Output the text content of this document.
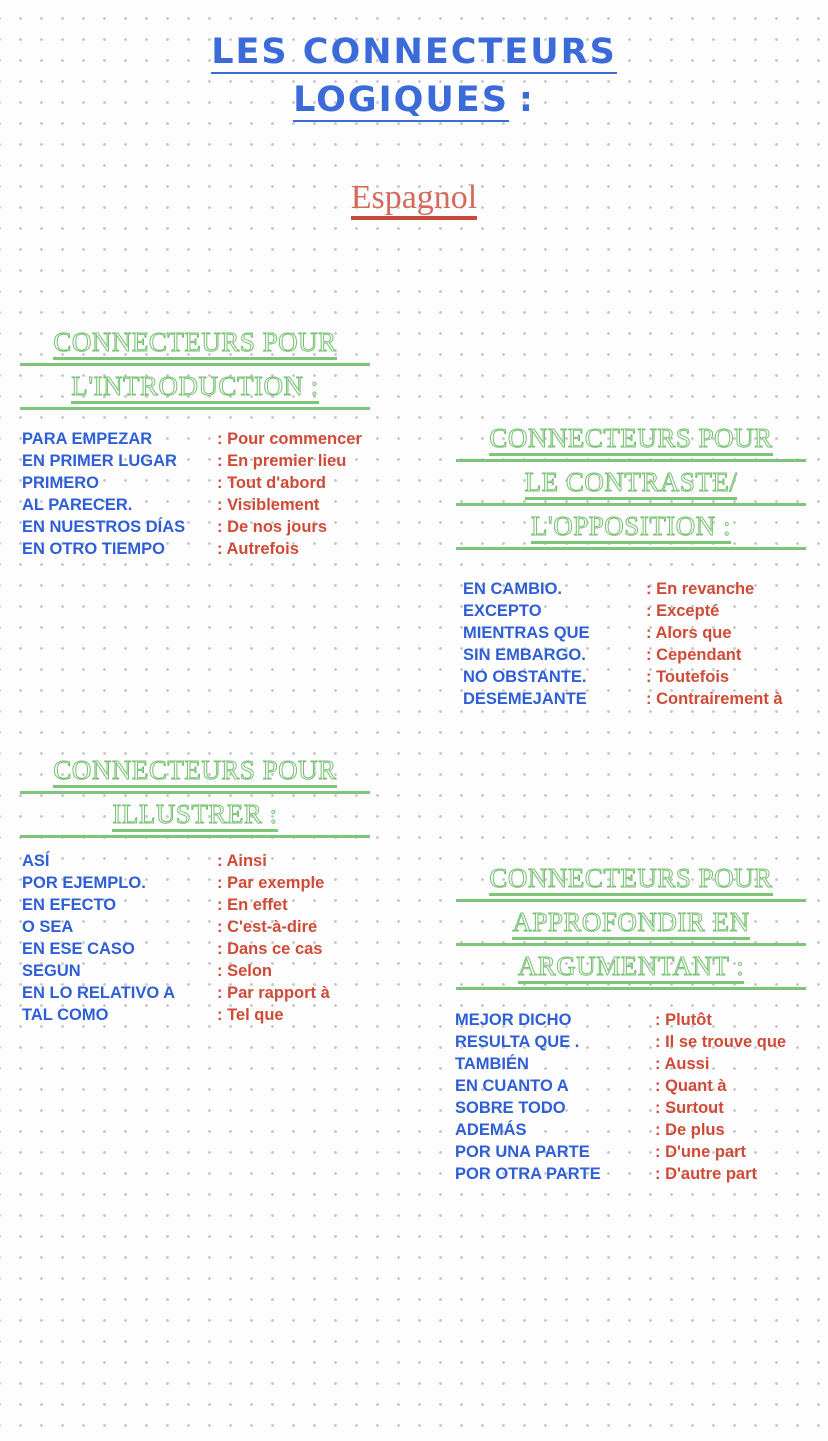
LES CONNECTEURS
LOGIQUES :
Espagnol
CONNECTEURS POUR
L'INTRODUCTION :
PARA EMPEZAR	: Pour commencer
EN PRIMER LUGAR : En premier lieu
PRIMERO	: Tout d'abord
AL PARECER.	: Visiblement
EN NUESTROS DÍAS : De nos jours
EN OTRO TIEMPO	: Autrefois
CONNECTEURS POUR
LE CONTRASTE/
L'OPPOSITION :
EN CAMBIO.	: En revanche
EXCEPTO	: Excepté
MIENTRAS QUE	: Alors que
SIN EMBARGO.	: Cependant
NO OBSTANTE.	: Toutefois
DESEMEJANTE	: Contrairement à
CONNECTEURS POUR
ILLUSTRER :
ASÍ	: Ainsi
POR EJEMPLO.	: Par exemple
EN EFECTO	: En effet
O SEA	: C'est-à-dire
EN ESE CASO	: Dans ce cas
SEGUN	: Selon
EN LO RELATIVO A	: Par rapport à
TAL COMO	: Tel que
CONNECTEURS POUR
APPROFONDIR EN
ARGUMENTANT :
MEJOR DICHO	: Plutôt
RESULTA QUE .	: Il se trouve que
TAMBIÉN	: Aussi
EN CUANTO A	: Quant à
SOBRE TODO	: Surtout
ADEMÁS	: De plus
POR UNA PARTE	: D'une part
POR OTRA PARTE	: D'autre part
